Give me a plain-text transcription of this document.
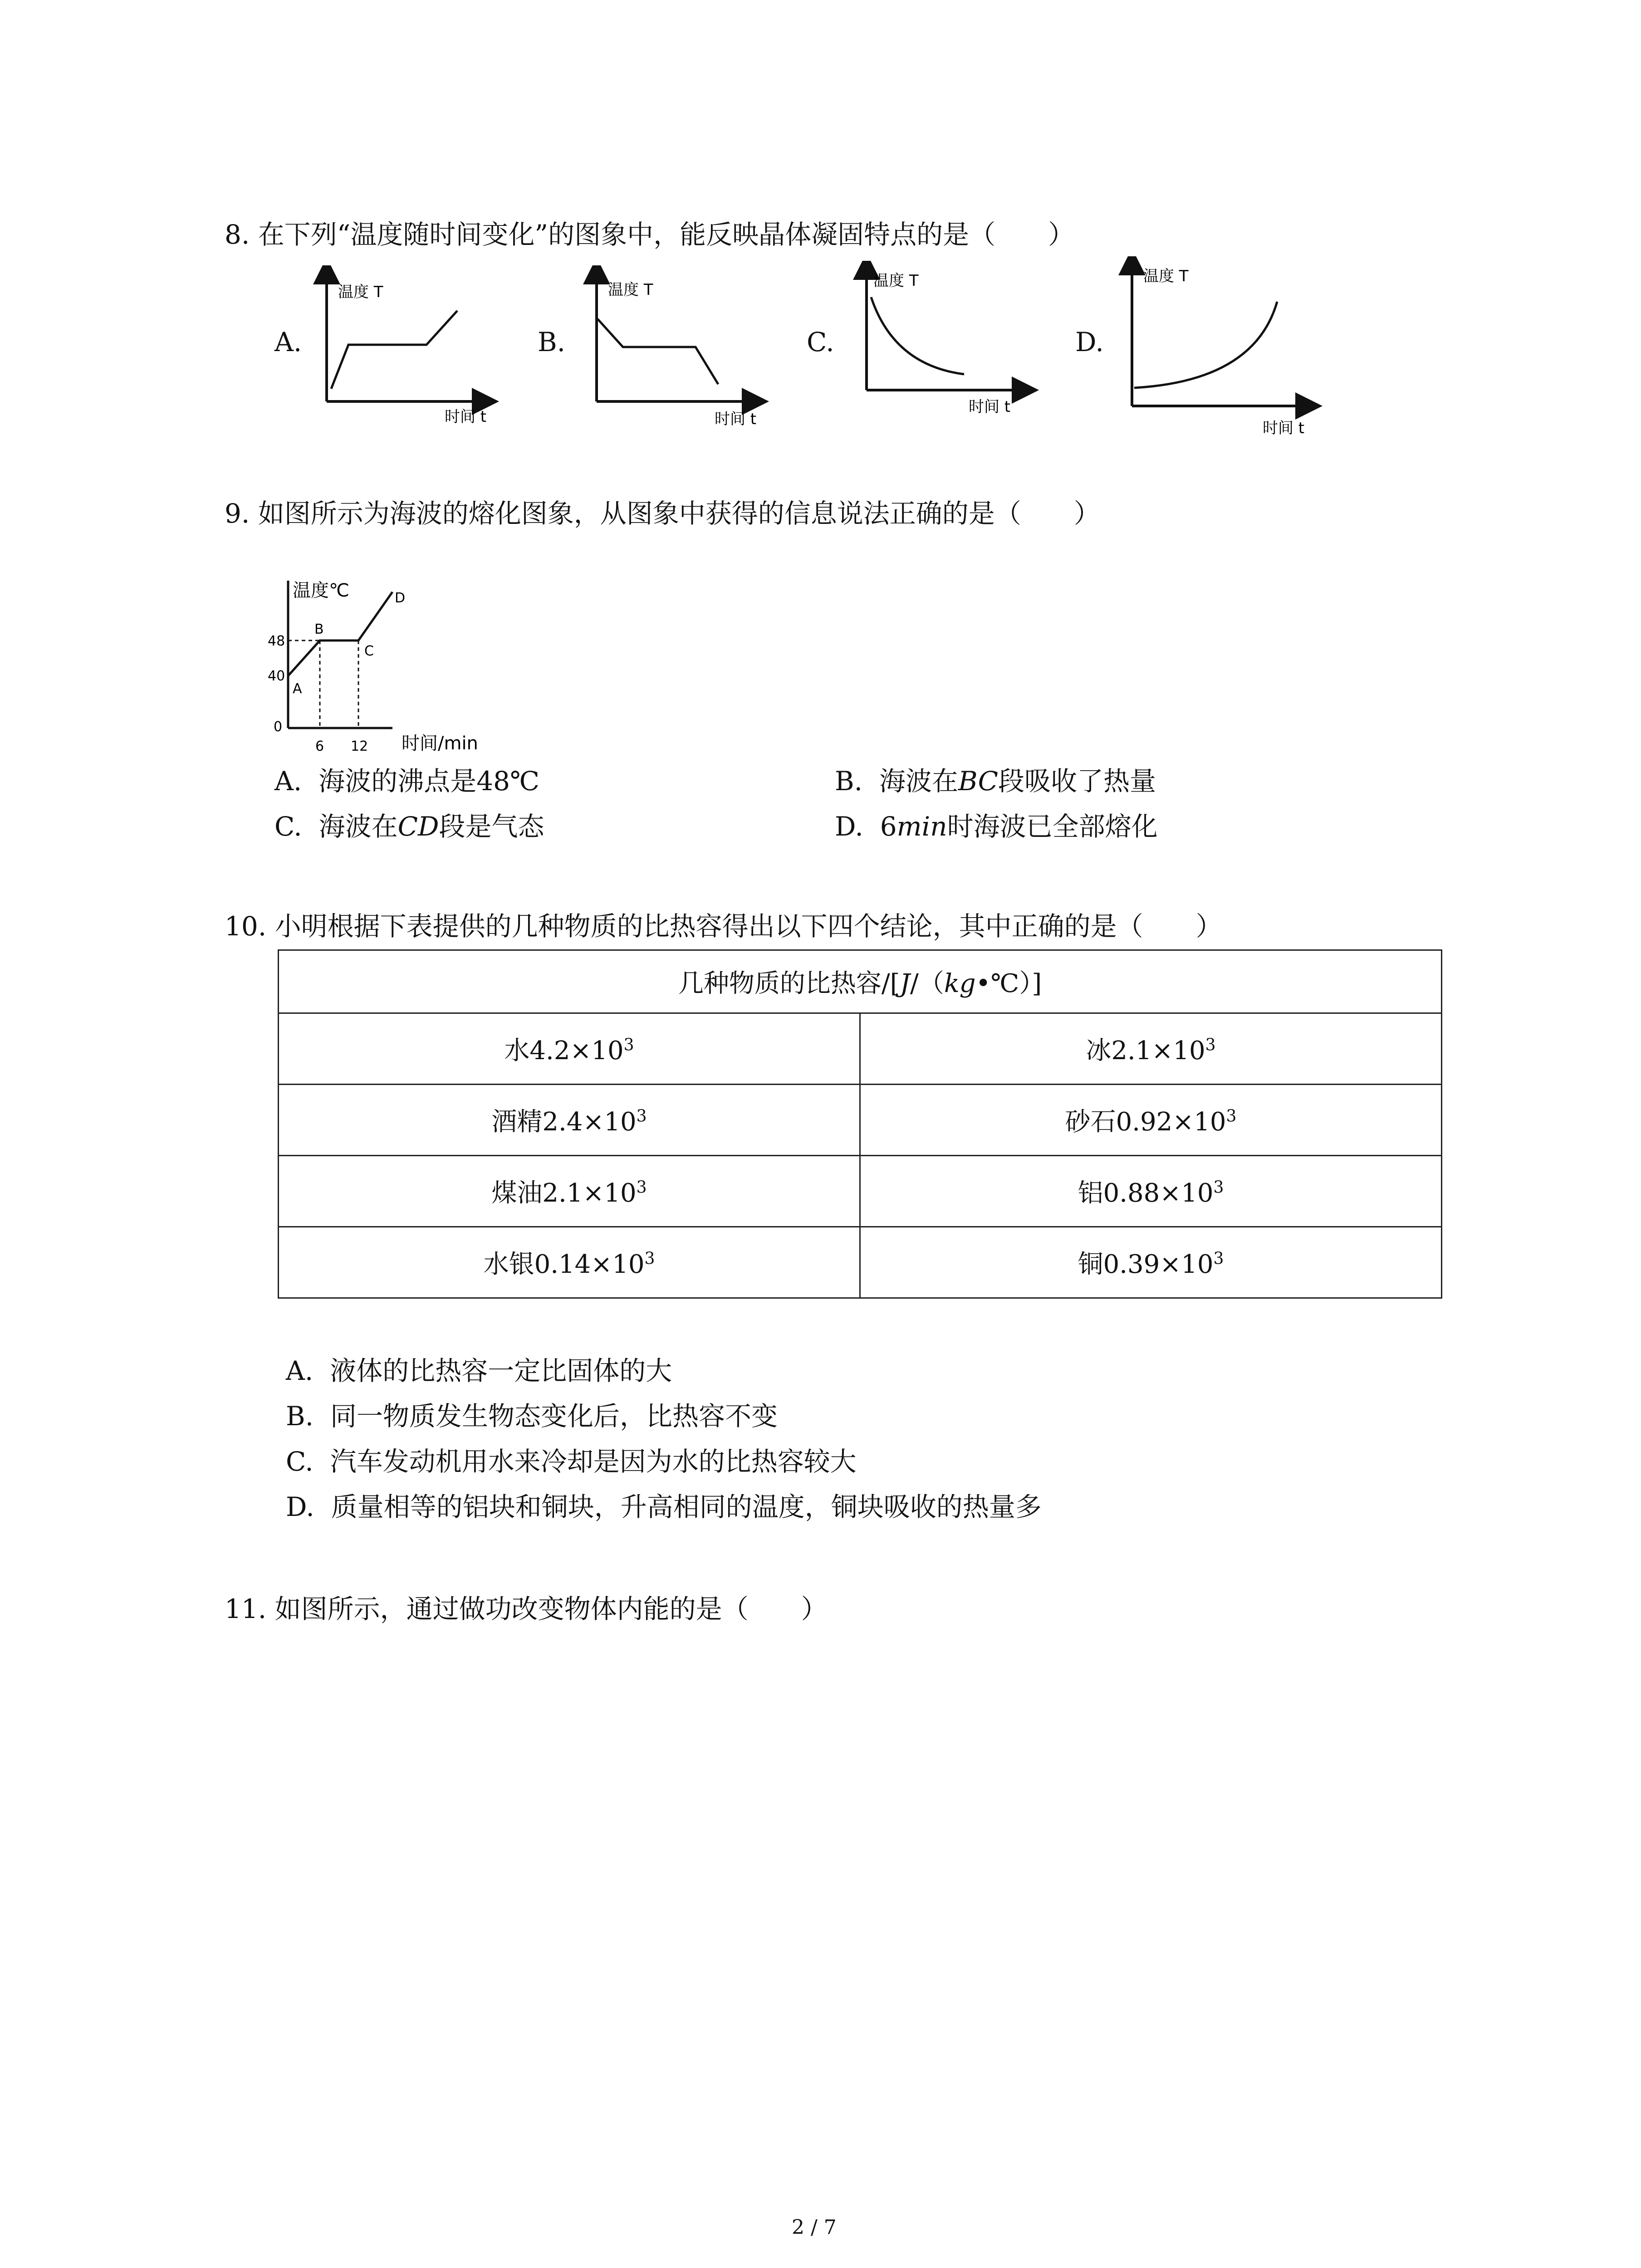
8. 在下列“温度随时间变化”的图象中，能反映晶体凝固特点的是（　　）
A.
温度 T
时间 t
B.
温度 T
时间 t
C.
温度 T
时间 t
D.
温度 T
时间 t
9. 如图所示为海波的熔化图象，从图象中获得的信息说法正确的是（　　）
温度℃
48
40
0
6 12 时间/min
A
B
C
D
A. 海波的沸点是48℃	B. 海波在BC段吸收了热量
C. 海波在CD段是气态	D. 6min时海波已全部熔化
10. 小明根据下表提供的几种物质的比热容得出以下四个结论，其中正确的是（　　）
几种物质的比热容/[J/（kg•℃）]	
水$4.2\times 10^3$	冰$2.1\times 10^3$
酒精$2.4\times 10^3$	砂石$0.92\times 10^3$
煤油$2.1\times 10^3$	铝$0.88\times 10^3$
水银$0.14\times 10^3$	铜$0.39\times 10^3$
A. 液体的比热容一定比固体的大
B. 同一物质发生物态变化后，比热容不变
C. 汽车发动机用水来冷却是因为水的比热容较大
D. 质量相等的铝块和铜块，升高相同的温度，铜块吸收的热量多
11. 如图所示，通过做功改变物体内能的是（　　）
2 / 7
